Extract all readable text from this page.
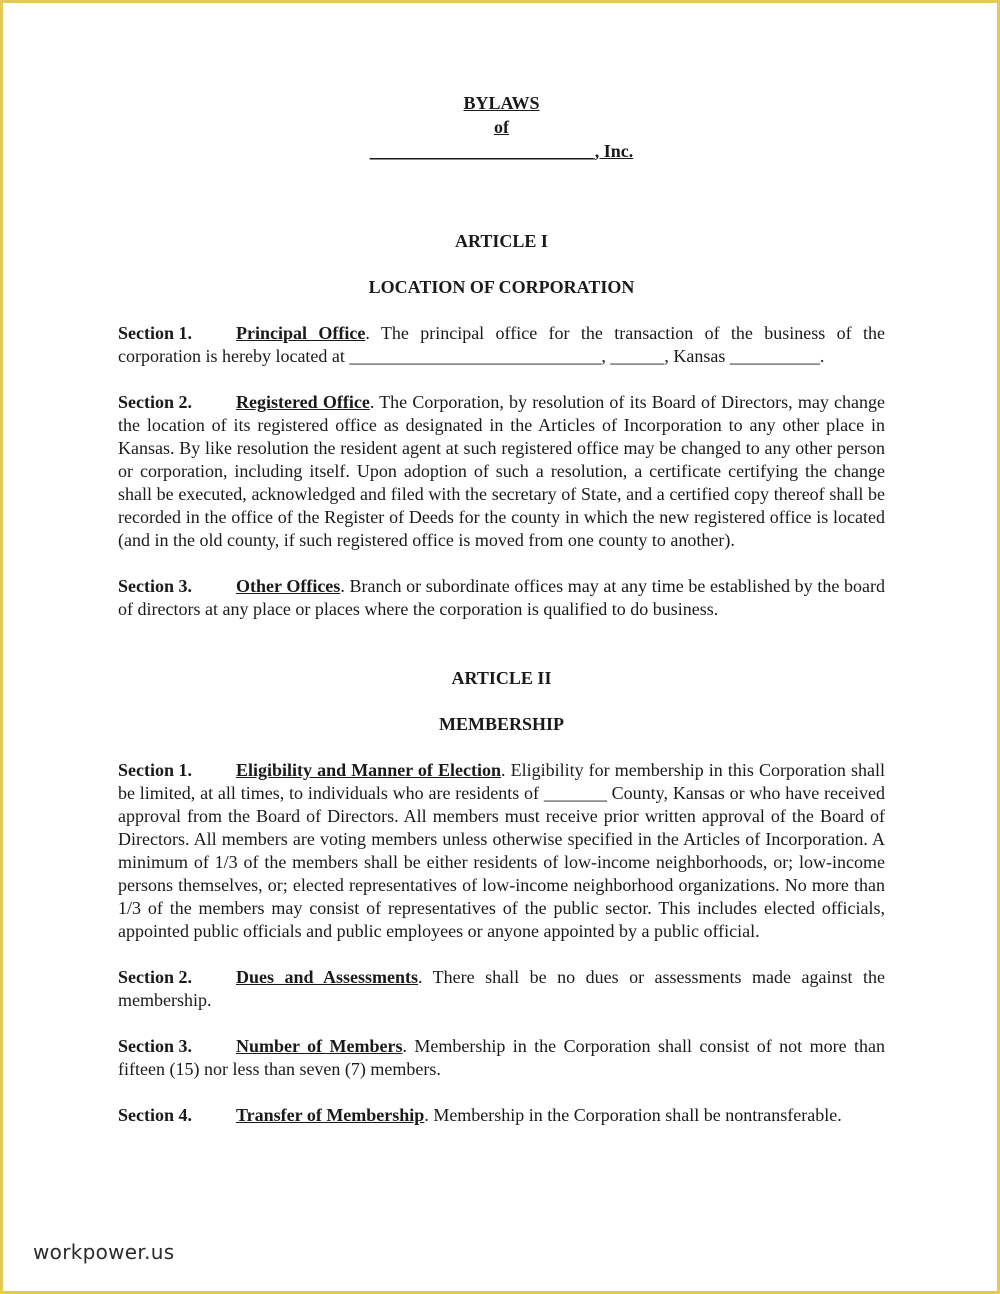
BYLAWS
of
_________________________, Inc.
ARTICLE I
LOCATION OF CORPORATION

Section 1. Principal Office. The principal office for the transaction of the business of the corporation is hereby located at ____________________________, ______, Kansas __________.

Section 2. Registered Office. The Corporation, by resolution of its Board of Directors, may change the location of its registered office as designated in the Articles of Incorporation to any other place in Kansas. By like resolution the resident agent at such registered office may be changed to any other person or corporation, including itself. Upon adoption of such a resolution, a certificate certifying the change shall be executed, acknowledged and filed with the secretary of State, and a certified copy thereof shall be recorded in the office of the Register of Deeds for the county in which the new registered office is located (and in the old county, if such registered office is moved from one county to another).

Section 3. Other Offices. Branch or subordinate offices may at any time be established by the board of directors at any place or places where the corporation is qualified to do business.

ARTICLE II
MEMBERSHIP

Section 1. Eligibility and Manner of Election. Eligibility for membership in this Corporation shall be limited, at all times, to individuals who are residents of _______ County, Kansas or who have received approval from the Board of Directors. All members must receive prior written approval of the Board of Directors. All members are voting members unless otherwise specified in the Articles of Incorporation. A minimum of 1/3 of the members shall be either residents of low-income neighborhoods, or; low-income persons themselves, or; elected representatives of low-income neighborhood organizations. No more than 1/3 of the members may consist of representatives of the public sector. This includes elected officials, appointed public officials and public employees or anyone appointed by a public official.

Section 2. Dues and Assessments. There shall be no dues or assessments made against the membership.

Section 3. Number of Members. Membership in the Corporation shall consist of not more than fifteen (15) nor less than seven (7) members.

Section 4. Transfer of Membership. Membership in the Corporation shall be nontransferable.

workpower.us
